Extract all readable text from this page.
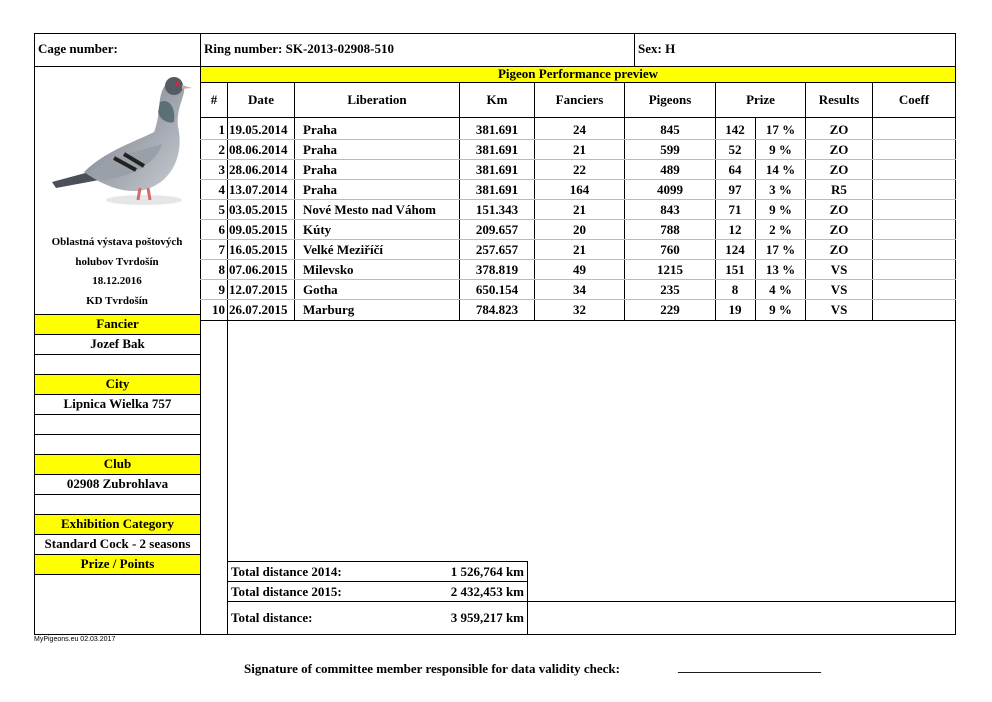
Cage number:	Ring number: SK-2013-02908-510	Sex: H
Pigeon Performance preview
#	Date	Liberation	Km	Fanciers	Pigeons	Prize	Results	Coeff
1 19.05.2014	Praha	381.691	24	845	142	17 %	ZO
2 08.06.2014	Praha	381.691	21	599	52	9 %	ZO
3 28.06.2014	Praha	381.691	22	489	64	14 %	ZO
4 13.07.2014	Praha	381.691	164	4099	97	3 %	R5
5 03.05.2015	Nové Mesto nad Váhom	151.343	21	843	71	9 %	ZO
6 09.05.2015	Kúty	209.657	20	788	12	2 %	ZO
7 16.05.2015	Velké Meziříčí	257.657	21	760	124	17 %	ZO
8 07.06.2015	Milevsko	378.819	49	1215	151	13 %	VS
9 12.07.2015	Gotha	650.154	34	235	8	4 %	VS
10 26.07.2015	Marburg	784.823	32	229	19	9 %	VS
Oblastná výstava poštových
holubov Tvrdošín
18.12.2016
KD Tvrdošín
Fancier
Jozef Bak
City
Lipnica Wielka 757
Club
02908 Zubrohlava
Exhibition Category
Standard Cock - 2 seasons
Prize / Points
Total distance 2014:	1 526,764 km
Total distance 2015:	2 432,453 km
Total distance:	3 959,217 km
MyPigeons.eu 02.03.2017
Signature of committee member responsible for data validity check:	______________________
